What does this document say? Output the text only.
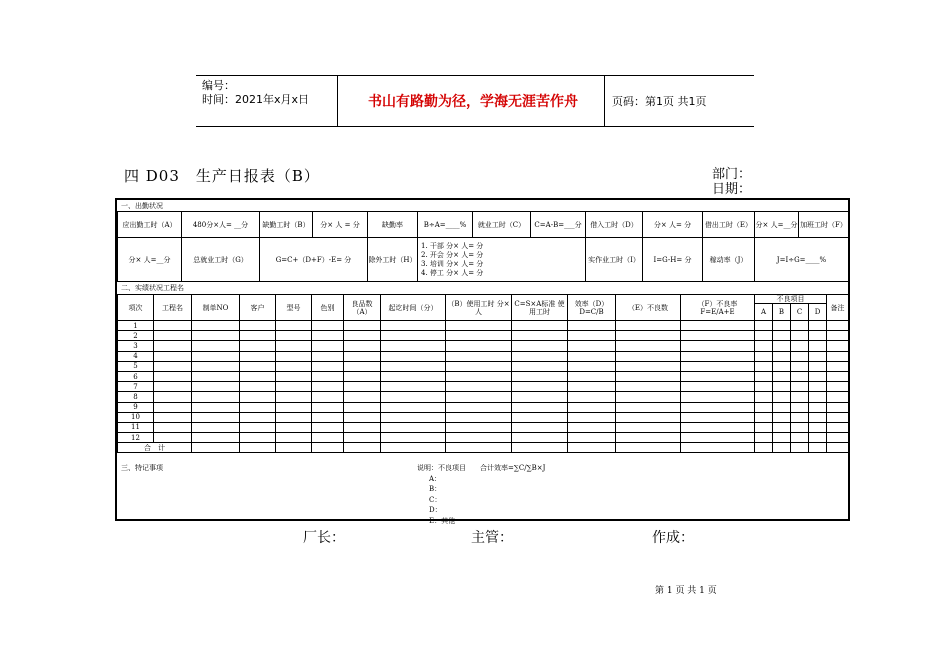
编号：
时间：2021年x月x日	书山有路勤为径，学海无涯苦作舟	页码：第1页 共1页
四 D03　生产日报表（B）	部门：
日期：
一、出勤状况
应出勤工时（A）	480分×人= __分	缺勤工时（B）	分× 人 = 分	缺勤率	B÷A=____%	就业工时（C）	C=A-B=___分	借入工时（D）	分× 人= 分	借出工时（E）	分× 人=__分	加班工时（F）
分× 人=__分	总就业工时（G）	G=C+（D+F）-E= 分		除外工时（H）	1. 干部 分× 人= 分
2. 开会 分× 人= 分
3. 培训 分× 人= 分
4. 停工 分× 人= 分			实作业工时（I）	I=G-H= 分	稼动率（J）	J=I÷G=____%	
二、实绩状况工程名
项次	工程名	制单NO	客户	型号	色别	良品数（A）	起讫时间（分）	（B）使用工时 分×人	C=S×A标准 使用工时	效率（D）D=C/B	（E）不良数	（F）不良率 F=E/A+E	不良项目				备注
													A	B	C	D	
1																	
2																	
3																	
4																	
5																	
6																	
7																	
8																	
9																	
10																	
11																	
12																	
合　计																	
三、特记事项	说明：不良项目　　合计效率=∑C/∑B×J
A：
B：
C：
D：
E：其他
厂长：	主管：	作成：
第 1 页 共 1 页
